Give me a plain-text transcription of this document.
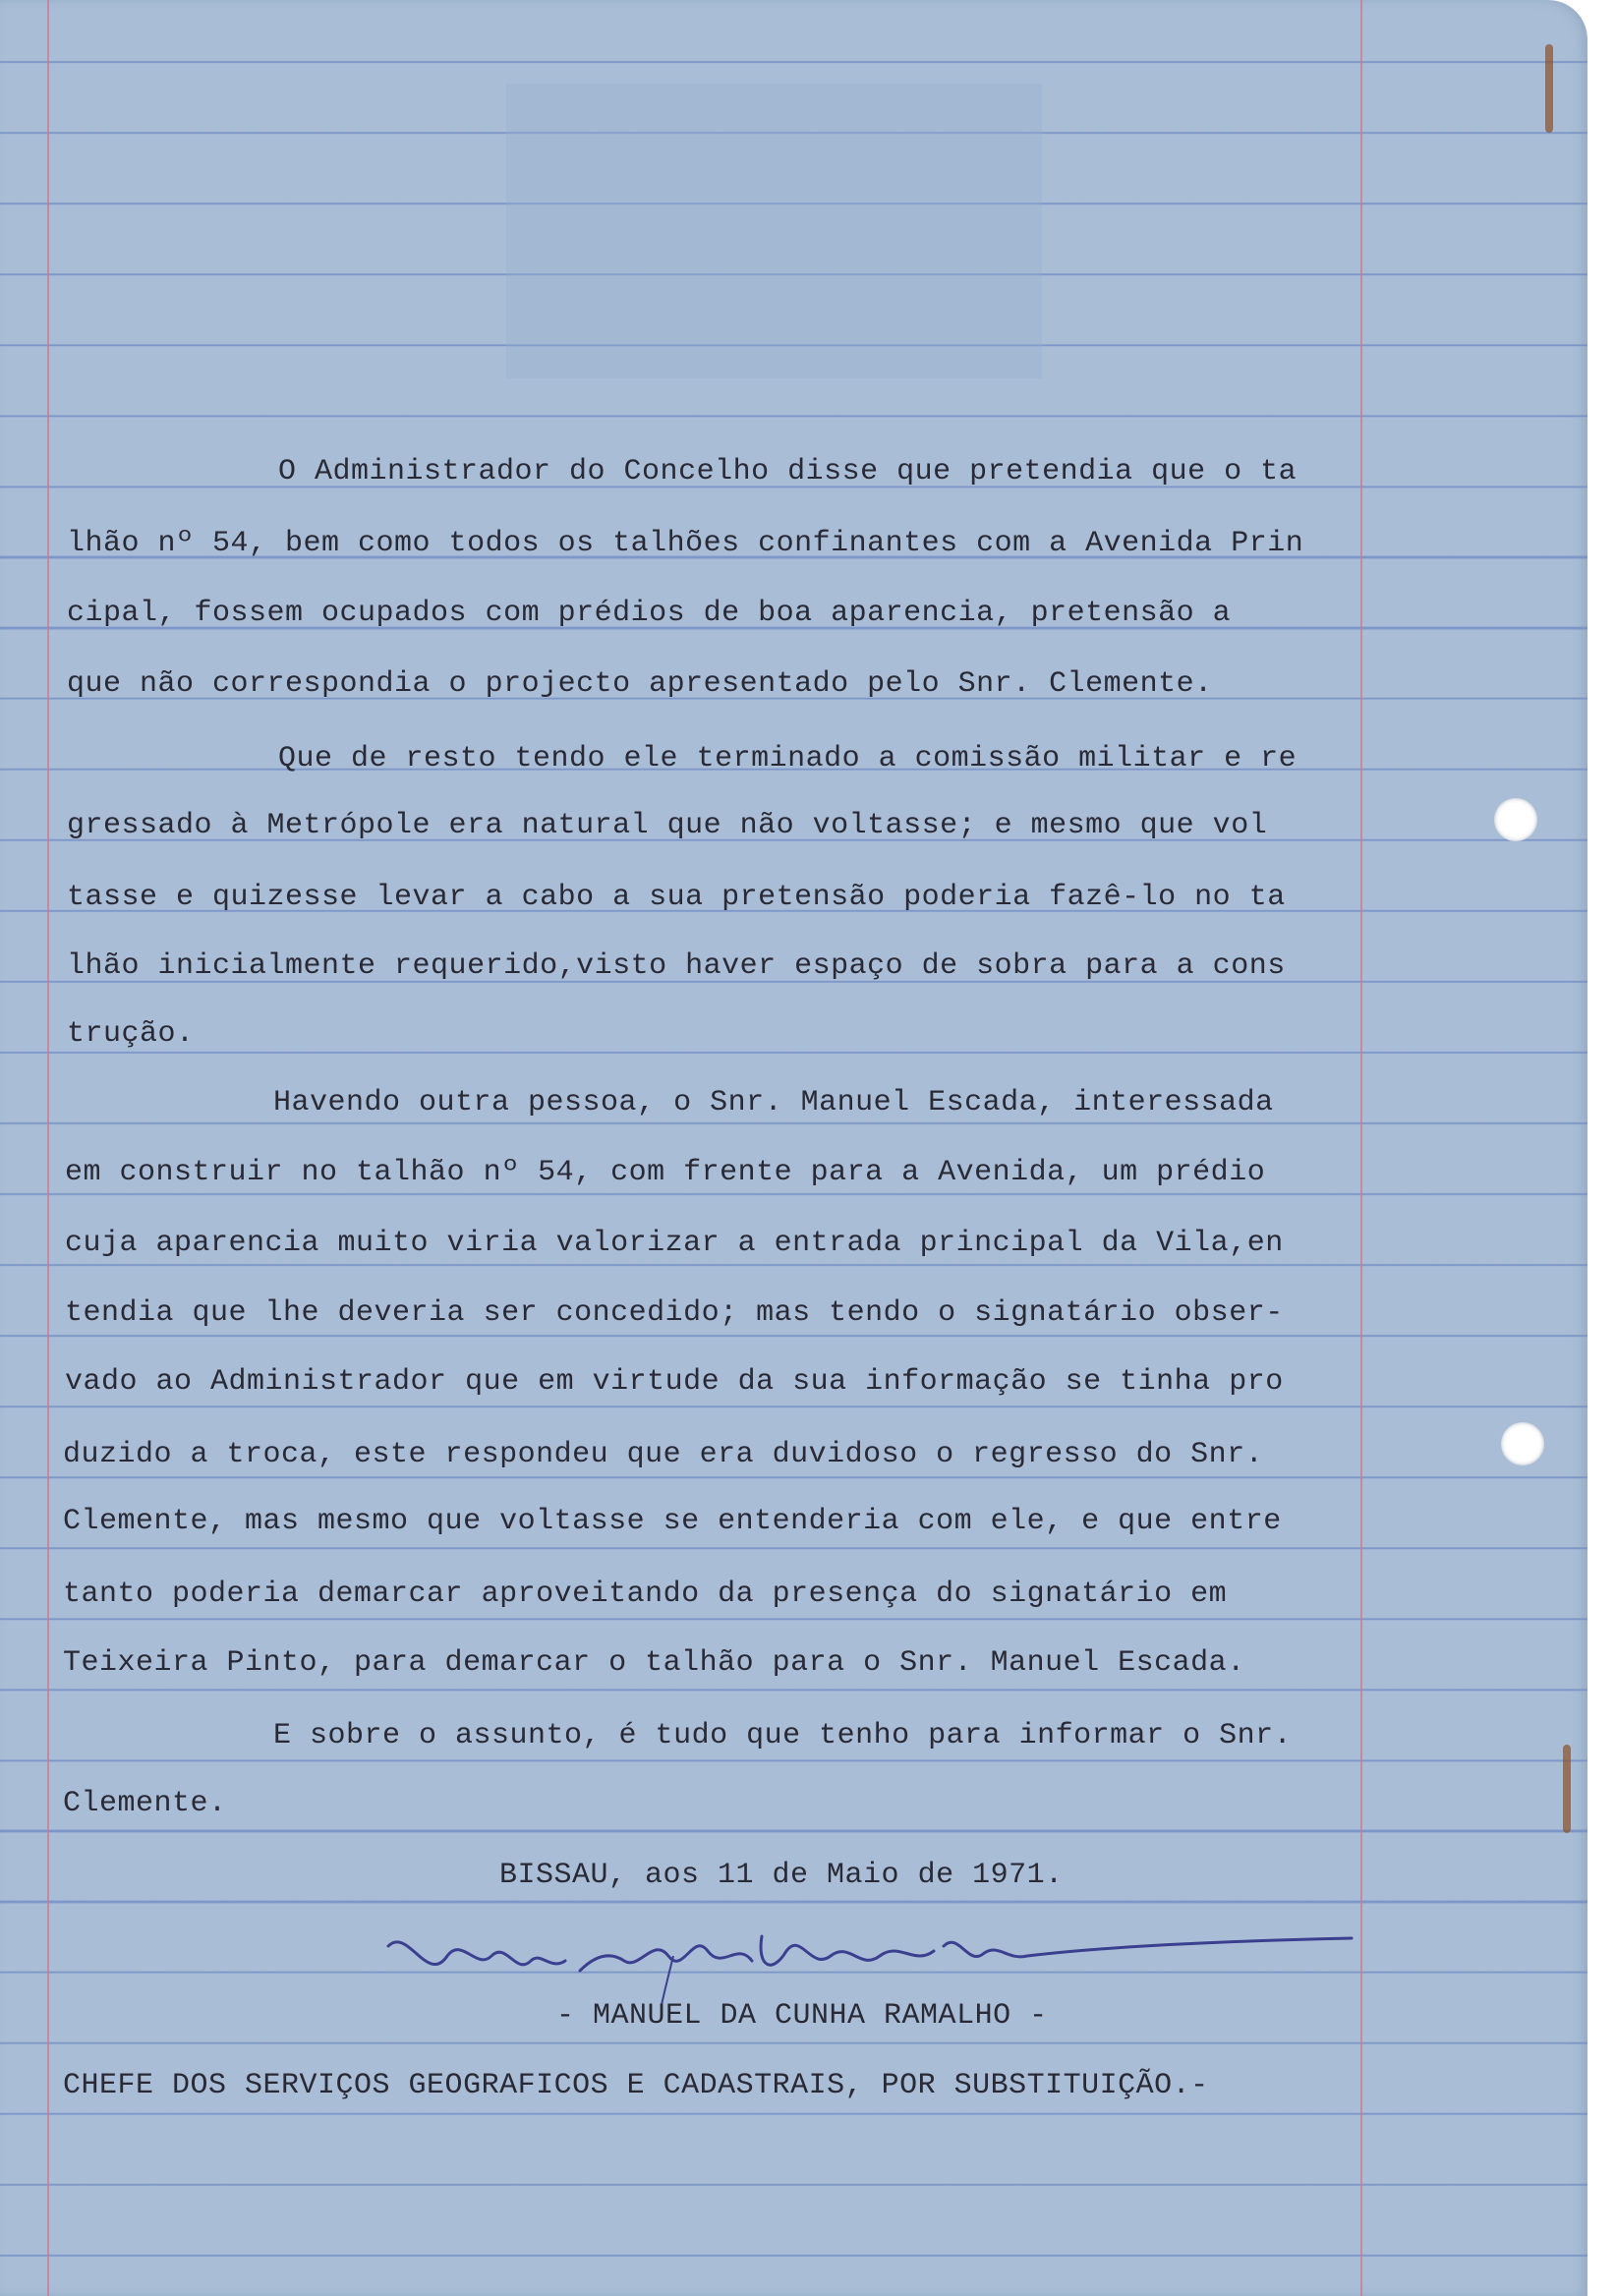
O Administrador do Concelho disse que pretendia que o ta
lhão nº 54, bem como todos os talhões confinantes com a Avenida Prin
cipal, fossem ocupados com prédios de boa aparencia, pretensão a
que não correspondia o projecto apresentado pelo Snr. Clemente.
Que de resto tendo ele terminado a comissão militar e re
gressado à Metrópole era natural que não voltasse; e mesmo que vol
tasse e quizesse levar a cabo a sua pretensão poderia fazê-lo no ta
lhão inicialmente requerido,visto haver espaço de sobra para a cons
trução.
Havendo outra pessoa, o Snr. Manuel Escada, interessada
em construir no talhão nº 54, com frente para a Avenida, um prédio
cuja aparencia muito viria valorizar a entrada principal da Vila,en
tendia que lhe deveria ser concedido; mas tendo o signatário obser-
vado ao Administrador que em virtude da sua informação se tinha pro
duzido a troca, este respondeu que era duvidoso o regresso do Snr.
Clemente, mas mesmo que voltasse se entenderia com ele, e que entre
tanto poderia demarcar aproveitando da presença do signatário em
Teixeira Pinto, para demarcar o talhão para o Snr. Manuel Escada.
E sobre o assunto, é tudo que tenho para informar o Snr.
Clemente.
BISSAU, aos 11 de Maio de 1971.
- MANUEL DA CUNHA RAMALHO -
CHEFE DOS SERVIÇOS GEOGRAFICOS E CADASTRAIS, POR SUBSTITUIÇÃO.-
